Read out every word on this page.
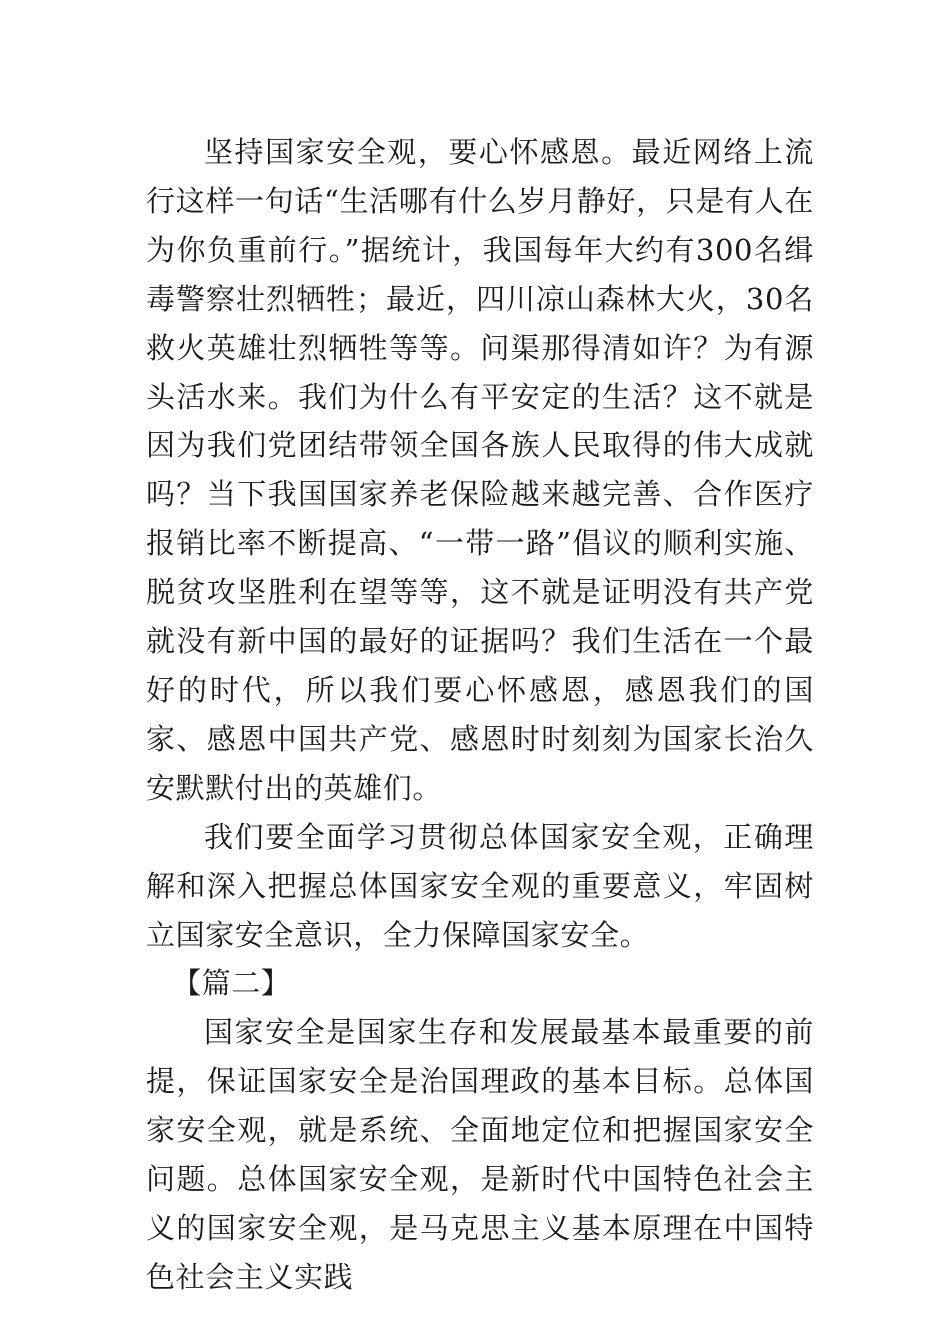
坚持国家安全观，要心怀感恩。最近网络上流行这样一句话“生活哪有什么岁月静好，只是有人在为你负重前行。”据统计，我国每年大约有300名缉毒警察壮烈牺牲；最近，四川凉山森林大火，30名救火英雄壮烈牺牲等等。问渠那得清如许？为有源头活水来。我们为什么有平安定的生活？这不就是因为我们党团结带领全国各族人民取得的伟大成就吗？当下我国国家养老保险越来越完善、合作医疗报销比率不断提高、“一带一路”倡议的顺利实施、脱贫攻坚胜利在望等等，这不就是证明没有共产党就没有新中国的最好的证据吗？我们生活在一个最好的时代，所以我们要心怀感恩，感恩我们的国家、感恩中国共产党、感恩时时刻刻为国家长治久安默默付出的英雄们。

我们要全面学习贯彻总体国家安全观，正确理解和深入把握总体国家安全观的重要意义，牢固树立国家安全意识，全力保障国家安全。

【篇二】

国家安全是国家生存和发展最基本最重要的前提，保证国家安全是治国理政的基本目标。总体国家安全观，就是系统、全面地定位和把握国家安全问题。总体国家安全观，是新时代中国特色社会主义的国家安全观，是马克思主义基本原理在中国特色社会主义实践
